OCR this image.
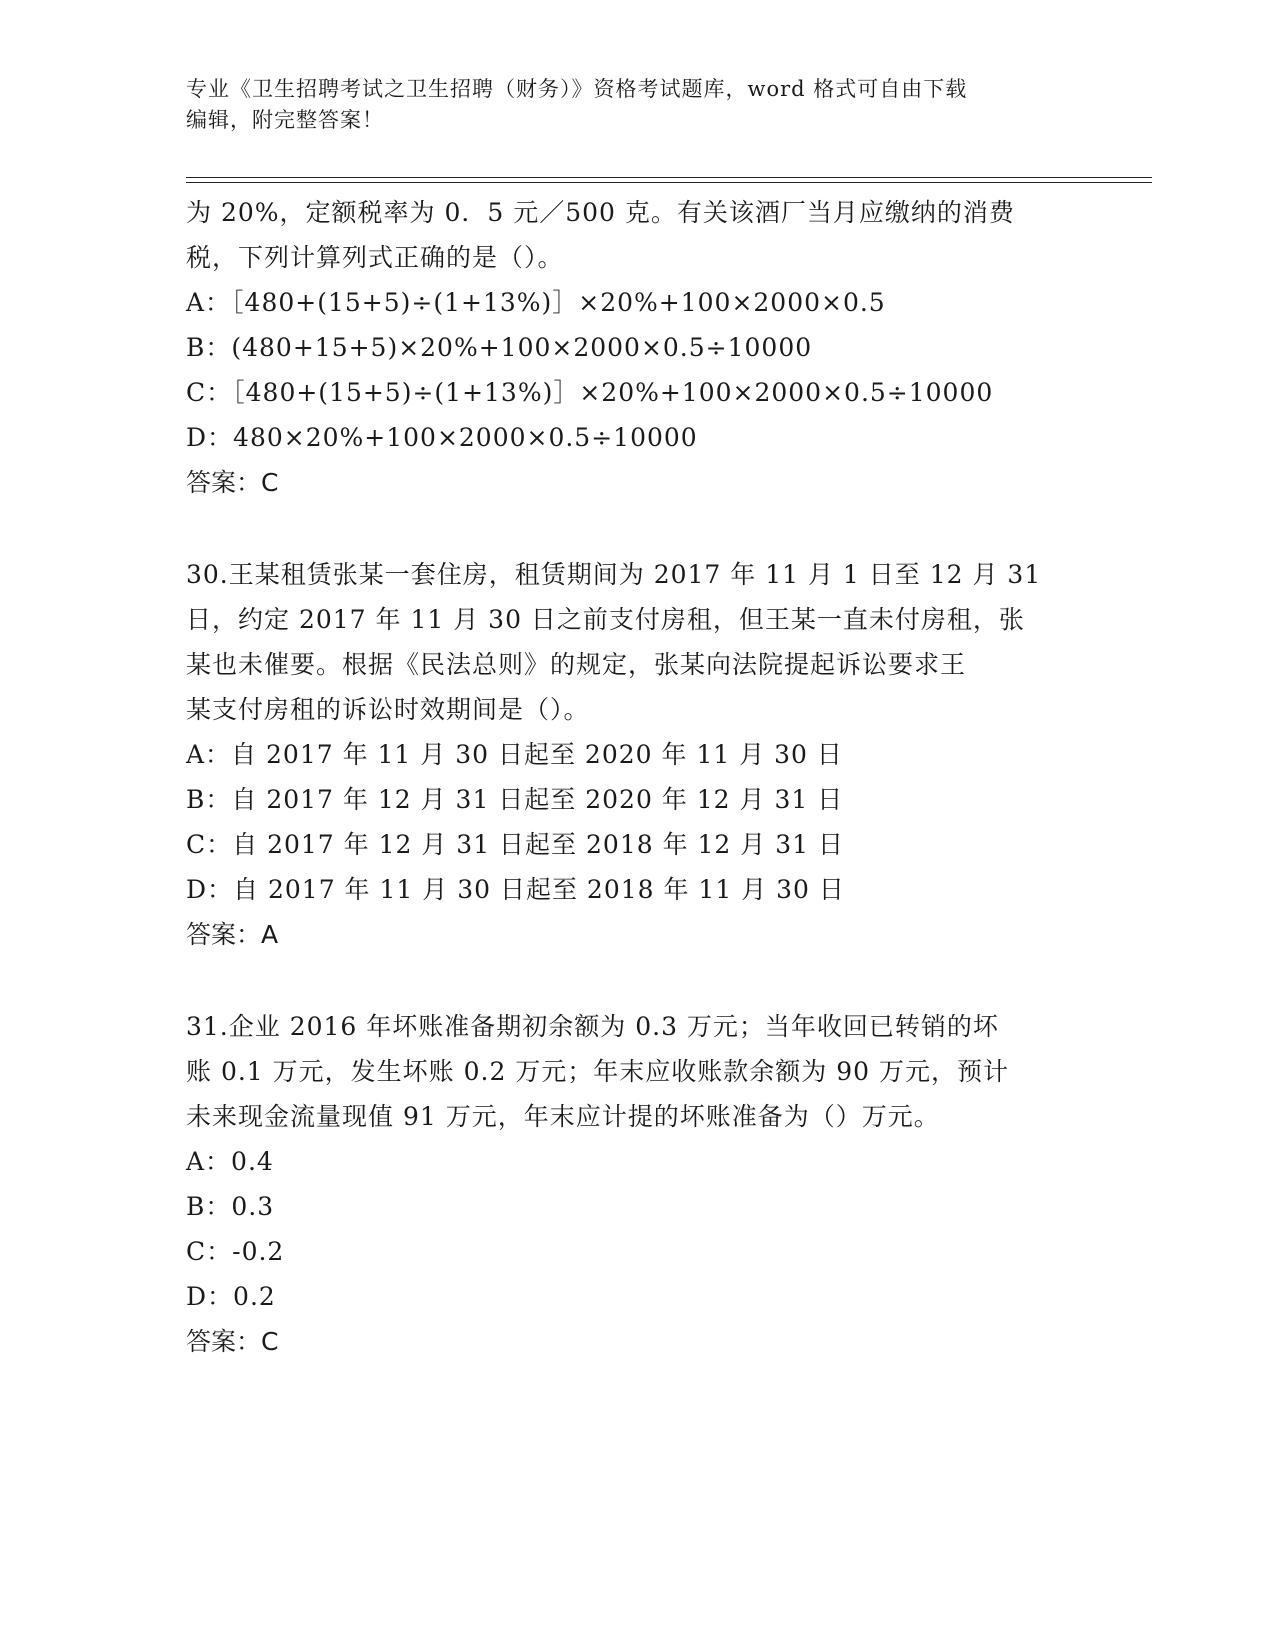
专业《卫生招聘考试之卫生招聘（财务）》资格考试题库，word 格式可自由下载
编辑，附完整答案！
为 20%，定额税率为 0．5 元／500 克。有关该酒厂当月应缴纳的消费
税，下列计算列式正确的是（）。
A：［480+(15+5)÷(1+13%)］×20%+100×2000×0.5
B：(480+15+5)×20%+100×2000×0.5÷10000
C：［480+(15+5)÷(1+13%)］×20%+100×2000×0.5÷10000
D：480×20%+100×2000×0.5÷10000
答案：C
30.王某租赁张某一套住房，租赁期间为 2017 年 11 月 1 日至 12 月 31
日，约定 2017 年 11 月 30 日之前支付房租，但王某一直未付房租，张
某也未催要。根据《民法总则》的规定，张某向法院提起诉讼要求王
某支付房租的诉讼时效期间是（）。
A：自 2017 年 11 月 30 日起至 2020 年 11 月 30 日
B：自 2017 年 12 月 31 日起至 2020 年 12 月 31 日
C：自 2017 年 12 月 31 日起至 2018 年 12 月 31 日
D：自 2017 年 11 月 30 日起至 2018 年 11 月 30 日
答案：A
31.企业 2016 年坏账准备期初余额为 0.3 万元；当年收回已转销的坏
账 0.1 万元，发生坏账 0.2 万元；年末应收账款余额为 90 万元，预计
未来现金流量现值 91 万元，年末应计提的坏账准备为（）万元。
A：0.4
B：0.3
C：-0.2
D：0.2
答案：C
